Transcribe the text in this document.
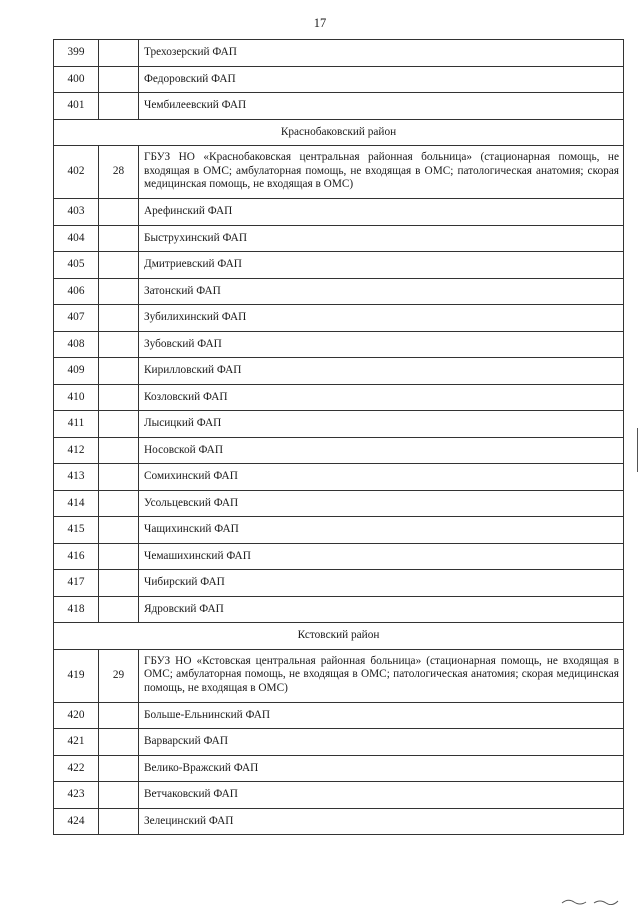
17
399		Трехозерский ФАП
400		Федоровский ФАП
401		Чембилеевский ФАП
Краснобаковский район		
402	28	ГБУЗ НО «Краснобаковская центральная районная больница» (стационарная помощь, не входящая в ОМС; амбулаторная помощь, не входящая в ОМС; патологическая анатомия; скорая медицинская помощь, не входящая в ОМС)
403		Арефинский ФАП
404		Быструхинский ФАП
405		Дмитриевский ФАП
406		Затонский ФАП
407		Зубилихинский ФАП
408		Зубовский ФАП
409		Кирилловский ФАП
410		Козловский ФАП
411		Лысицкий ФАП
412		Носовской ФАП
413		Сомихинский ФАП
414		Усольцевский ФАП
415		Чащихинский ФАП
416		Чемашихинский ФАП
417		Чибирский ФАП
418		Ядровский ФАП
Кстовский район		
419	29	ГБУЗ НО «Кстовская центральная районная больница» (стационарная помощь, не входящая в ОМС; амбулаторная помощь, не входящая в ОМС; патологическая анатомия; скорая медицинская помощь, не входящая в ОМС)
420		Больше-Ельнинский ФАП
421		Варварский ФАП
422		Велико-Вражский ФАП
423		Ветчаковский ФАП
424		Зелецинский ФАП
